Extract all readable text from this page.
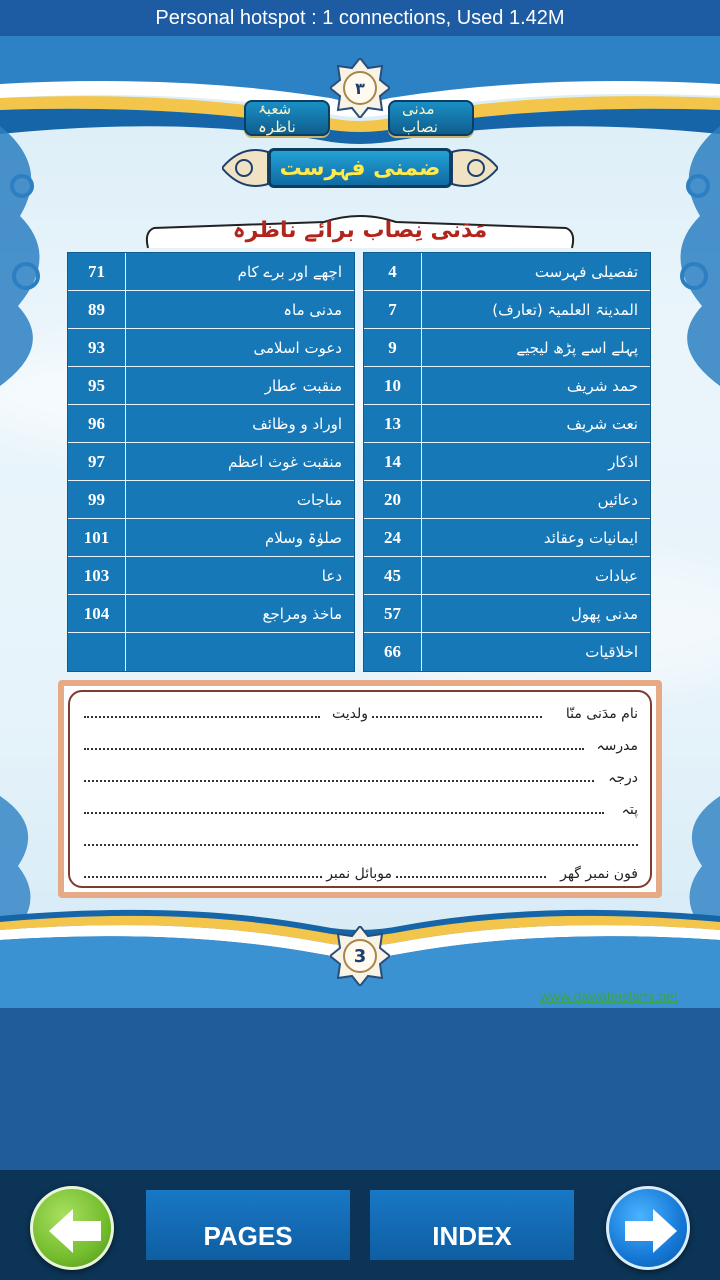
Personal hotspot : 1 connections, Used 1.42M
۳
مدنی نصاب
شعبۂ ناظرہ
ضمنی فہرست
مَدَنی نِصاب برائے ناظرہ
4	تفصیلی فہرست
7	المدینۃ العلمیۃ (تعارف)
9	پہلے اسے پڑھ لیجیے
10	حمد شریف
13	نعت شریف
14	اذکار
20	دعائیں
24	ایمانیات وعقائد
45	عبادات
57	مدنی پھول
66	اخلاقیات
71	اچھے اور برے کام
89	مدنی ماہ
93	دعوت اسلامی
95	منقبت عطار
96	اوراد و وظائف
97	منقبت غوث اعظم
99	مناجات
101	صلوٰۃ وسلام
103	دعا
104	ماخذ ومراجع
نام مدَنی منّا
ولدیت
مدرسہ
درجہ
پتہ
فون نمبر گھر
موبائل نمبر
3
www.dawateislami.net
PAGES	INDEX
